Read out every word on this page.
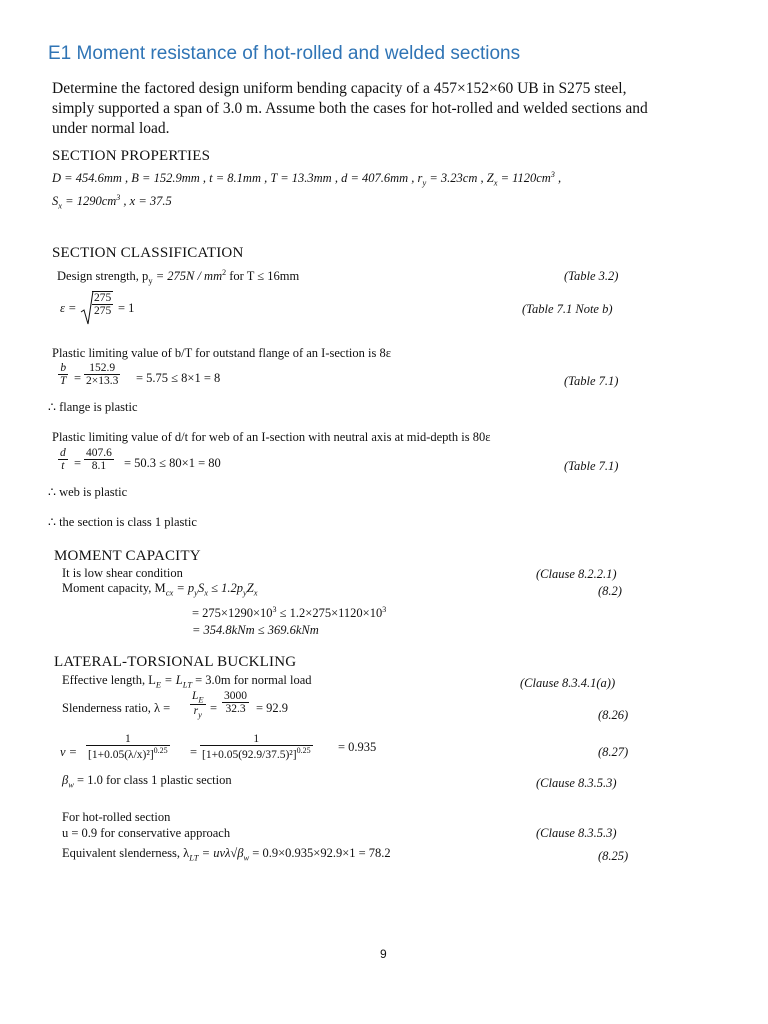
E1 Moment resistance of hot-rolled and welded sections
Determine the factored design uniform bending capacity of a 457×152×60 UB in S275 steel, simply supported a span of 3.0 m. Assume both the cases for hot-rolled and welded sections and under normal load.
SECTION PROPERTIES
D = 454.6mm , B = 152.9mm , t = 8.1mm , T = 13.3mm , d = 407.6mm , $r_y = 3.23cm$ , $Z_x = 1120cm^3$ ,
$S_x = 1290cm^3$ , x = 37.5
SECTION CLASSIFICATION
Design strength, $p_y = 275N / mm^2$ for T ≤ 16mm	(Table 3.2)
ε =
275
275 = 1	(Table 7.1 Note b)
Plastic limiting value of b/T for outstand flange of an I-section is 8ε
b
T =
152.9
2×13.3 = 5.75 ≤ 8×1 = 8	(Table 7.1)
∴ flange is plastic
Plastic limiting value of d/t for web of an I-section with neutral axis at mid-depth is 80ε
d
t =
407.6
8.1 = 50.3 ≤ 80×1 = 80	(Table 7.1)
∴ web is plastic
∴ the section is class 1 plastic
MOMENT CAPACITY
It is low shear condition	(Clause 8.2.2.1)
Moment capacity, $M_{cx} = p_yS_x \le 1.2p_yZ_x$	(8.2)
= $275\times 1290\times 10^3 \le 1.2\times 275\times 1120\times 10^3$
= 354.8kNm ≤ 369.6kNm
LATERAL-TORSIONAL BUCKLING
Effective length, $L_E = L_{LT} = 3.0m$ for normal load	(Clause 8.3.4.1(a))
Slenderness ratio, λ =
$L_E$
$r_y$ =
3000
32.3 = 92.9	(8.26)
v =
1
$[1+0.05(\lambda/x)^2]^{0.25}$ =
1
$[1+0.05(92.9/37.5)^2]^{0.25} = 0.935$	(8.27)
$\beta_w = 1.0$ for class 1 plastic section	(Clause 8.3.5.3)
For hot-rolled section
u = 0.9 for conservative approach	(Clause 8.3.5.3)
Equivalent slenderness, $\lambda_{LT} = uv\lambda√\beta_w = 0.9\times 0.935\times 92.9\times 1 = 78.2$	(8.25)
9
